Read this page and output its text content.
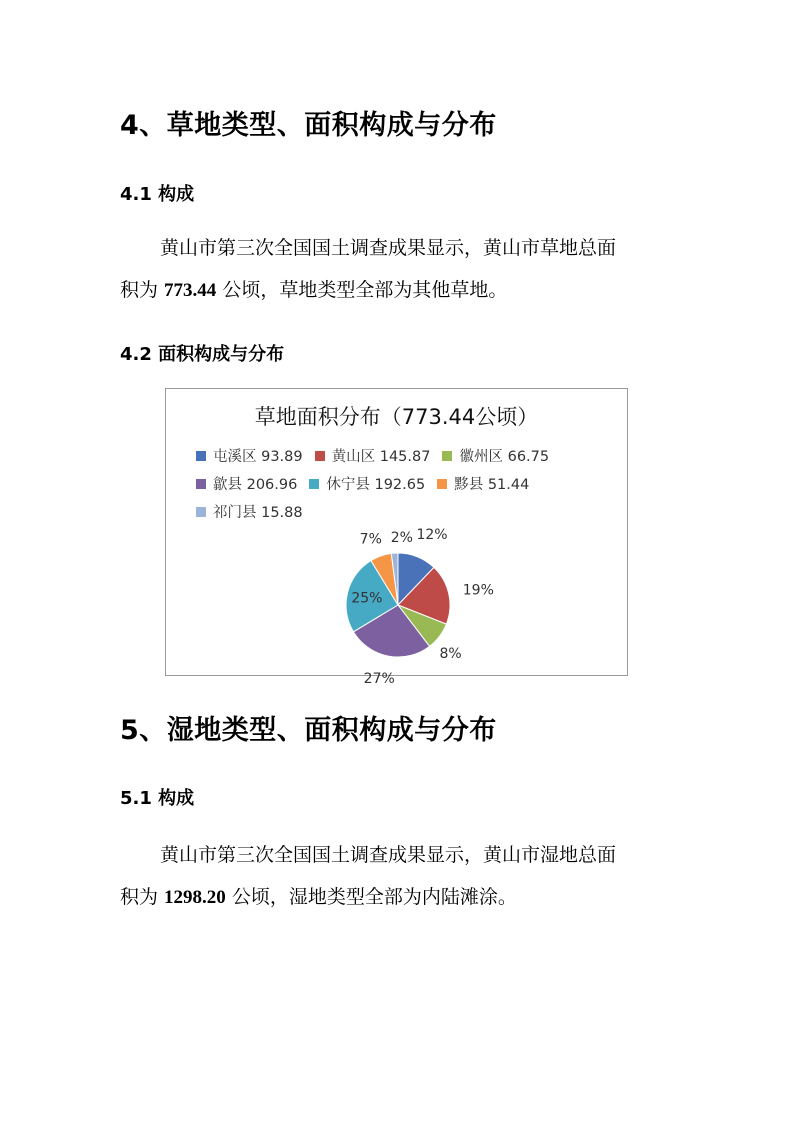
4、草地类型、面积构成与分布
4.1 构成
黄山市第三次全国国土调查成果显示，黄山市草地总面
积为 773.44 公顷，草地类型全部为其他草地。
4.2 面积构成与分布
12%
19%
8%
27%
25%
7% 2%
草地面积分布（773.44公顷）
屯溪区 93.89 黄山区 145.87 徽州区 66.75
歙县 206.96 休宁县 192.65 黟县 51.44
祁门县 15.88
5、湿地类型、面积构成与分布
5.1 构成
黄山市第三次全国国土调查成果显示，黄山市湿地总面
积为 1298.20 公顷，湿地类型全部为内陆滩涂。
